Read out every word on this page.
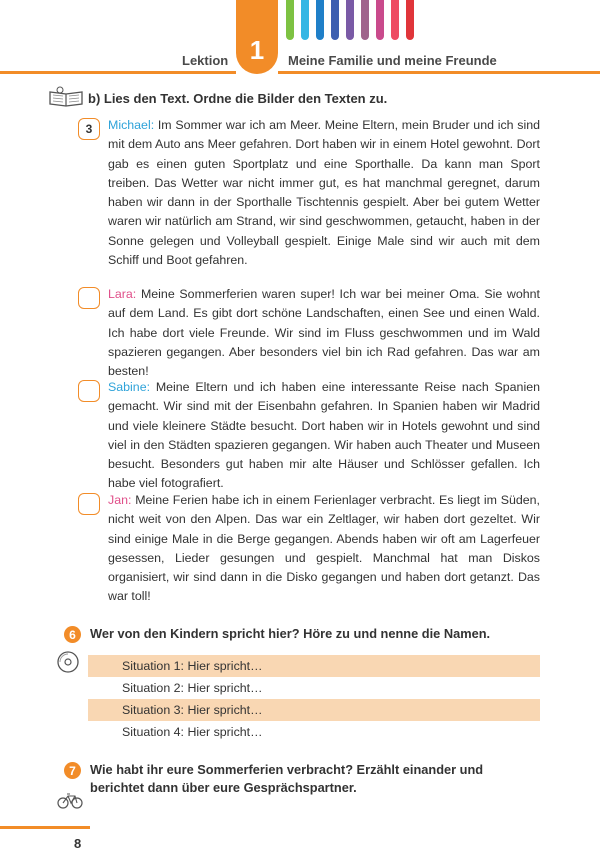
Lektion 1	Meine Familie und meine Freunde
b) Lies den Text. Ordne die Bilder den Texten zu.
3	Michael: Im Sommer war ich am Meer. Meine Eltern, mein Bruder und ich sind mit dem Auto ans Meer gefahren. Dort haben wir in einem Hotel gewohnt. Dort gab es einen guten Sportplatz und eine Sporthalle. Da kann man Sport treiben. Das Wetter war nicht immer gut, es hat manchmal geregnet, darum haben wir dann in der Sporthalle Tischtennis gespielt. Aber bei gutem Wetter waren wir natürlich am Strand, wir sind geschwommen, getaucht, haben in der Sonne gelegen und Volleyball gespielt. Einige Male sind wir auch mit dem Schiff und Boot gefahren.
Lara: Meine Sommerferien waren super! Ich war bei meiner Oma. Sie wohnt auf dem Land. Es gibt dort schöne Landschaften, einen See und einen Wald. Ich habe dort viele Freunde. Wir sind im Fluss geschwommen und im Wald spazieren gegangen. Aber besonders viel bin ich Rad gefahren. Das war am besten!
Sabine: Meine Eltern und ich haben eine interessante Reise nach Spanien gemacht. Wir sind mit der Eisenbahn gefahren. In Spanien haben wir Madrid und viele kleinere Städte besucht. Dort haben wir in Hotels gewohnt und sind viel in den Städten spazieren gegangen. Wir haben auch Theater und Museen besucht. Besonders gut haben mir alte Häuser und Schlösser gefallen. Ich habe viel fotografiert.
Jan: Meine Ferien habe ich in einem Ferienlager verbracht. Es liegt im Süden, nicht weit von den Alpen. Das war ein Zeltlager, wir haben dort gezeltet. Wir sind einige Male in die Berge gegangen. Abends haben wir oft am Lagerfeuer gesessen, Lieder gesungen und gespielt. Manchmal hat man Diskos organisiert, wir sind dann in die Disko gegangen und haben dort getanzt. Das war toll!
6	Wer von den Kindern spricht hier? Höre zu und nenne die Namen.
Situation 1: Hier spricht…
Situation 2: Hier spricht…
Situation 3: Hier spricht…
Situation 4: Hier spricht…
7	Wie habt ihr eure Sommerferien verbracht? Erzählt einander und berichtet dann über eure Gesprächspartner.
8
